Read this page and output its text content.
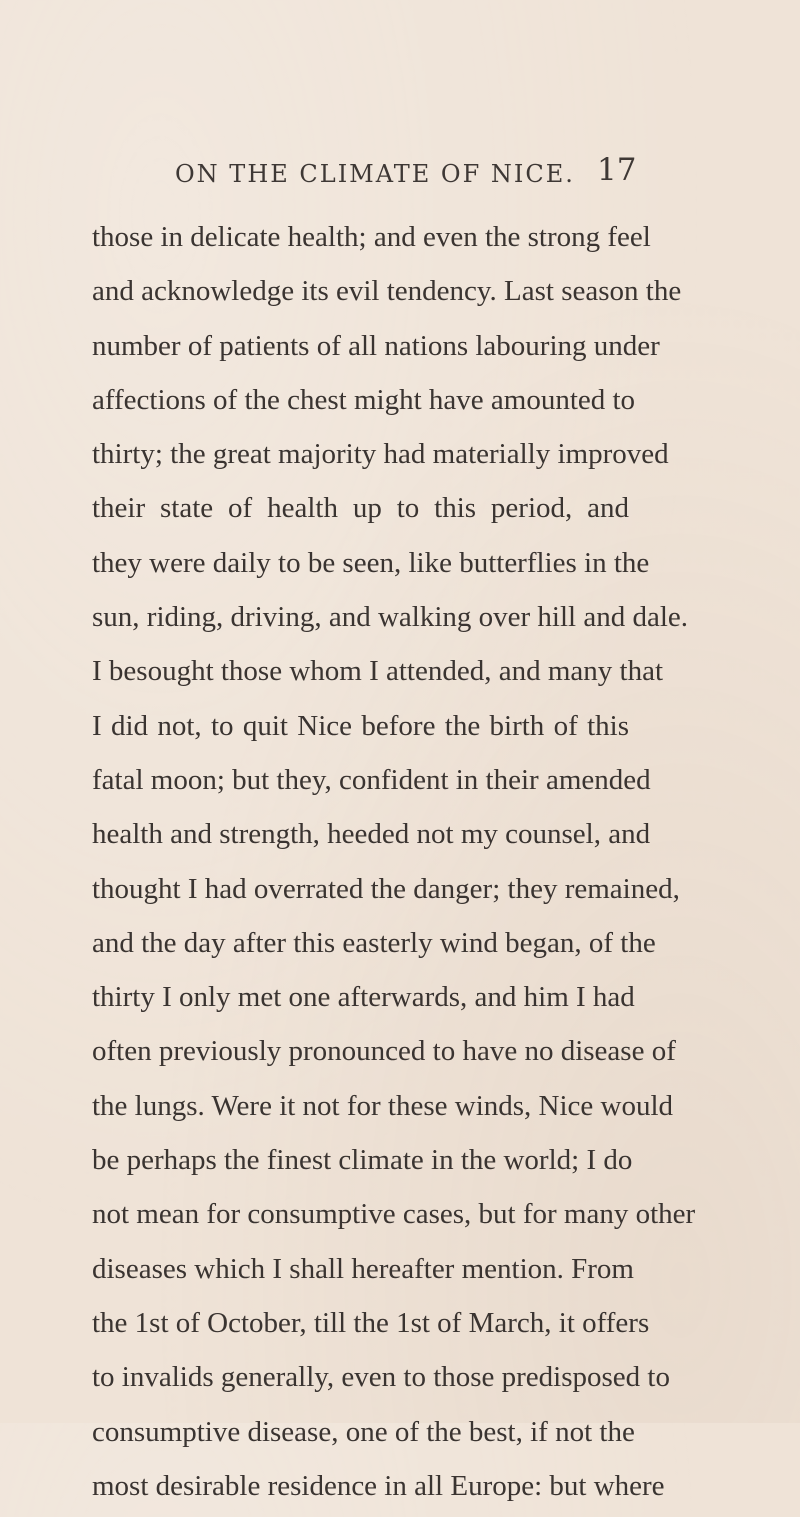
ON THE CLIMATE OF NICE. 17
those in delicate health; and even the strong feel
and acknowledge its evil tendency. Last season the
number of patients of all nations labouring under
affections of the chest might have amounted to
thirty; the great majority had materially improved
their state of health up to this period, and
they were daily to be seen, like butterflies in the
sun, riding, driving, and walking over hill and dale.
I besought those whom I attended, and many that
I did not, to quit Nice before the birth of this
fatal moon; but they, confident in their amended
health and strength, heeded not my counsel, and
thought I had overrated the danger; they remained,
and the day after this easterly wind began, of the
thirty I only met one afterwards, and him I had
often previously pronounced to have no disease of
the lungs. Were it not for these winds, Nice would
be perhaps the finest climate in the world; I do
not mean for consumptive cases, but for many other
diseases which I shall hereafter mention. From
the 1st of October, till the 1st of March, it offers
to invalids generally, even to those predisposed to
consumptive disease, one of the best, if not the
most desirable residence in all Europe: but where
